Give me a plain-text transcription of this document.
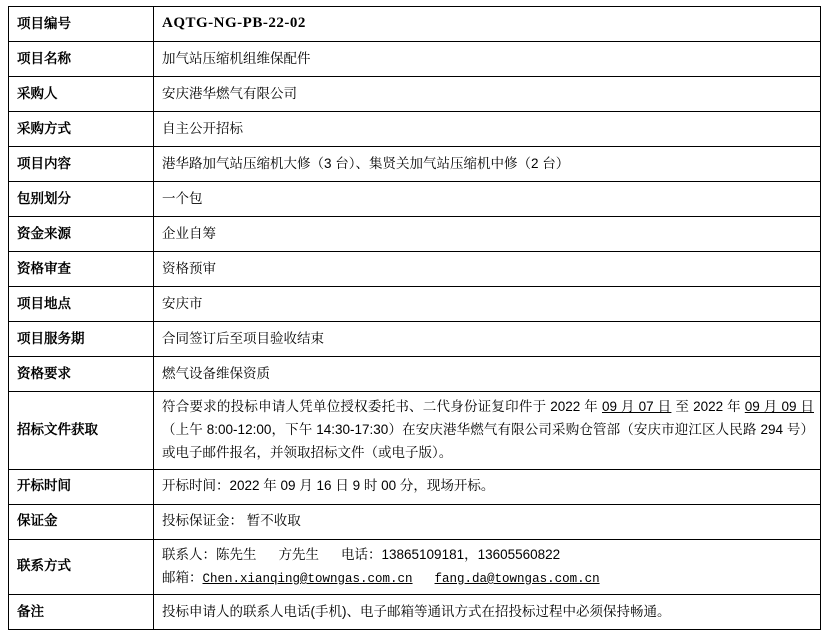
项目编号	AQTG-NG-PB-22-02
项目名称	加气站压缩机组维保配件
采购人	安庆港华燃气有限公司
采购方式	自主公开招标
项目内容	港华路加气站压缩机大修（3 台）、集贤关加气站压缩机中修（2 台）
包别划分	一个包
资金来源	企业自筹
资格审查	资格预审
项目地点	安庆市
项目服务期	合同签订后至项目验收结束
资格要求	燃气设备维保资质
招标文件获取	符合要求的投标申请人凭单位授权委托书、二代身份证复印件于 2022 年 09 月 07 日 至 2022 年 09 月 09 日（上午 8:00-12:00，下午 14:30-17:30）在安庆港华燃气有限公司采购仓管部（安庆市迎江区人民路 294 号）或电子邮件报名，并领取招标文件（或电子版）。
开标时间	开标时间：2022 年 09 月 16 日 9 时 00 分，现场开标。
保证金	投标保证金： 暂不收取
联系方式	联系人：陈先生 方先生 电话：13865109181，13605560822
邮箱：Chen.xianqing@towngas.com.cn fang.da@towngas.com.cn

备注	投标申请人的联系人电话(手机)、电子邮箱等通讯方式在招投标过程中必须保持畅通。
